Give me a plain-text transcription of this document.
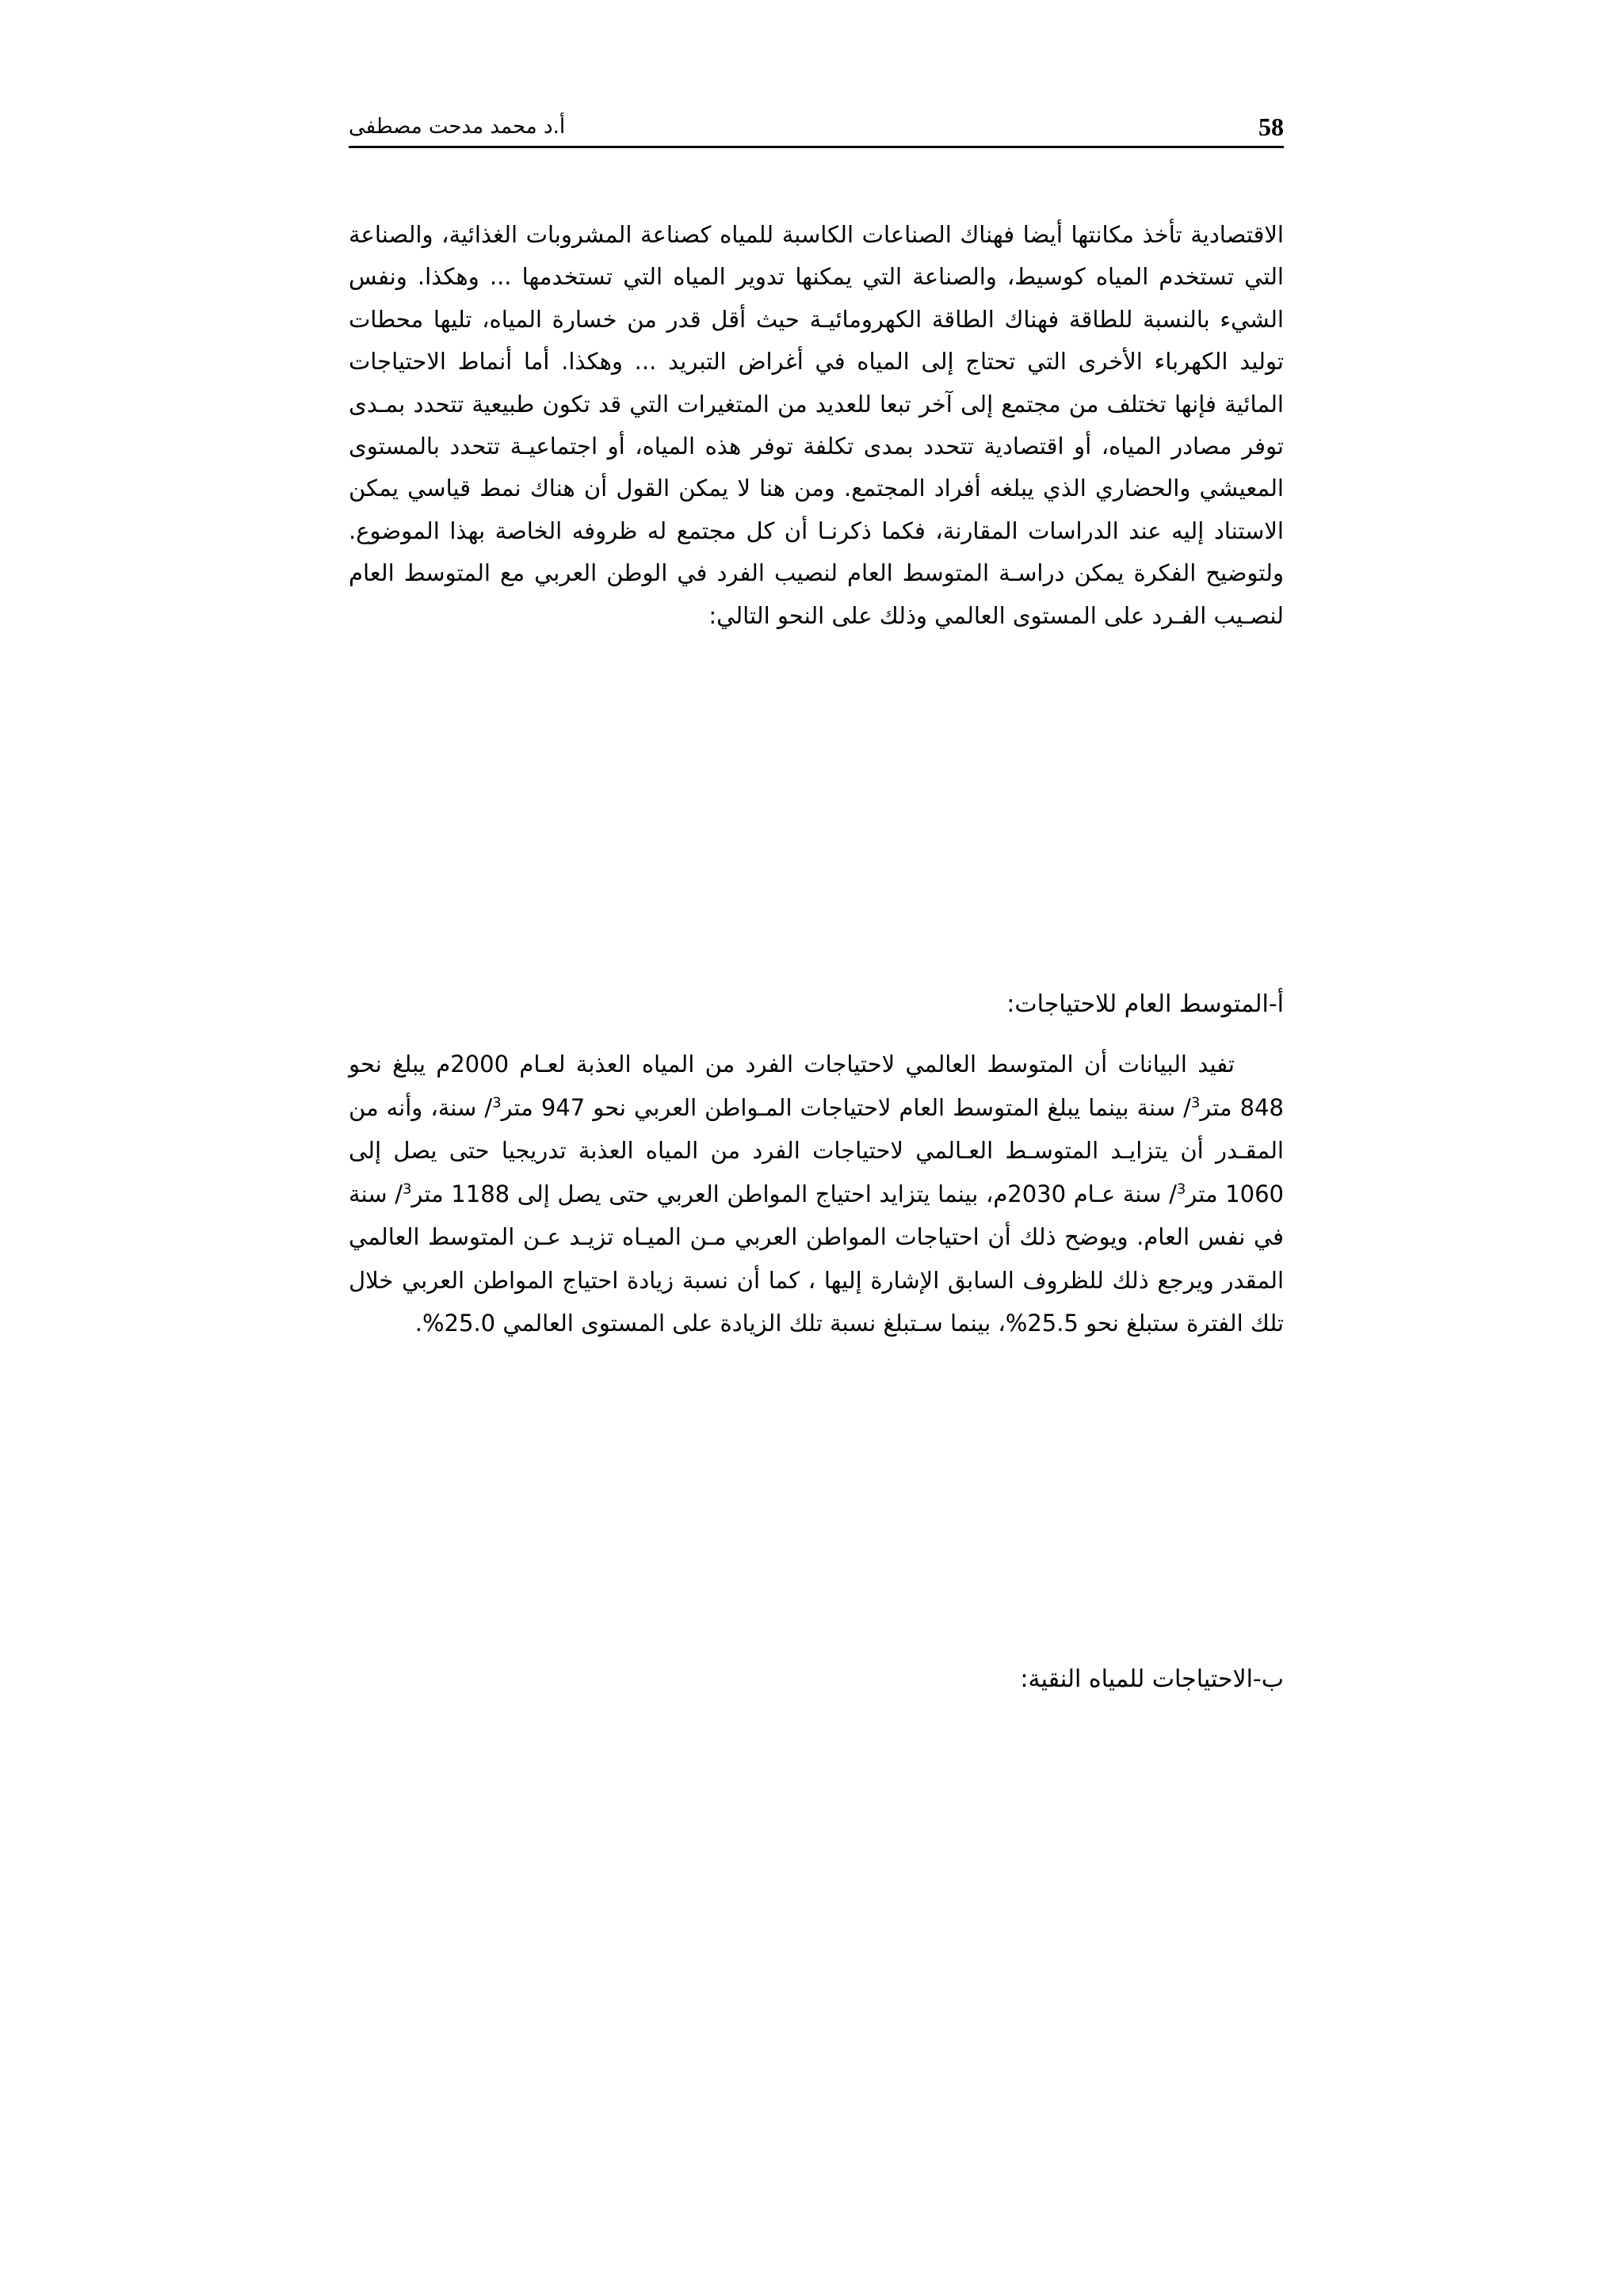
58
أ.د محمد مدحت مصطفى

الاقتصادية تأخذ مكانتها أيضا فهناك الصناعات الكاسبة للمياه كصناعة المشروبات الغذائية، والصناعة التي تستخدم المياه كوسيط، والصناعة التي يمكنها تدوير المياه التي تستخدمها ... وهكذا. ونفس الشيء بالنسبة للطاقة فهناك الطاقة الكهرومائيـة حيث أقل قدر من خسارة المياه، تليها محطات توليد الكهرباء الأخرى التي تحتاج إلى المياه في أغراض التبريد ... وهكذا. أما أنماط الاحتياجات المائية فإنها تختلف من مجتمع إلى آخر تبعا للعديد من المتغيرات التي قد تكون طبيعية تتحدد بمـدى توفر مصادر المياه، أو اقتصادية تتحدد بمدى تكلفة توفر هذه المياه، أو اجتماعيـة تتحدد بالمستوى المعيشي والحضاري الذي يبلغه أفراد المجتمع. ومن هنا لا يمكن القول أن هناك نمط قياسي يمكن الاستناد إليه عند الدراسات المقارنة، فكما ذكرنـا أن كل مجتمع له ظروفه الخاصة بهذا الموضوع. ولتوضيح الفكرة يمكن دراسـة المتوسط العام لنصيب الفرد في الوطن العربي مع المتوسط العام لنصـيب الفـرد على المستوى العالمي وذلك على النحو التالي:

أ-المتوسط العام للاحتياجات:

تفيد البيانات أن المتوسط العالمي لاحتياجات الفرد من المياه العذبة لعـام 2000م يبلغ نحو 848 متر$^3$/ سنة بينما يبلغ المتوسط العام لاحتياجات المـواطن العربي نحو 947 متر$^3$/ سنة، وأنه من المقـدر أن يتزايـد المتوسـط العـالمي لاحتياجات الفرد من المياه العذبة تدريجيا حتى يصل إلى 1060 متر$^3$/ سنة عـام 2030م، بينما يتزايد احتياج المواطن العربي حتى يصل إلى 1188 متر$^3$/ سنة في نفس العام. ويوضح ذلك أن احتياجات المواطن العربي مـن الميـاه تزيـد عـن المتوسط العالمي المقدر ويرجع ذلك للظروف السابق الإشارة إليها ، كما أن نسبة زيادة احتياج المواطن العربي خلال تلك الفترة ستبلغ نحو 25.5%، بينما سـتبلغ نسبة تلك الزيادة على المستوى العالمي 25.0%.

ب-الاحتياجات للمياه النقية:
